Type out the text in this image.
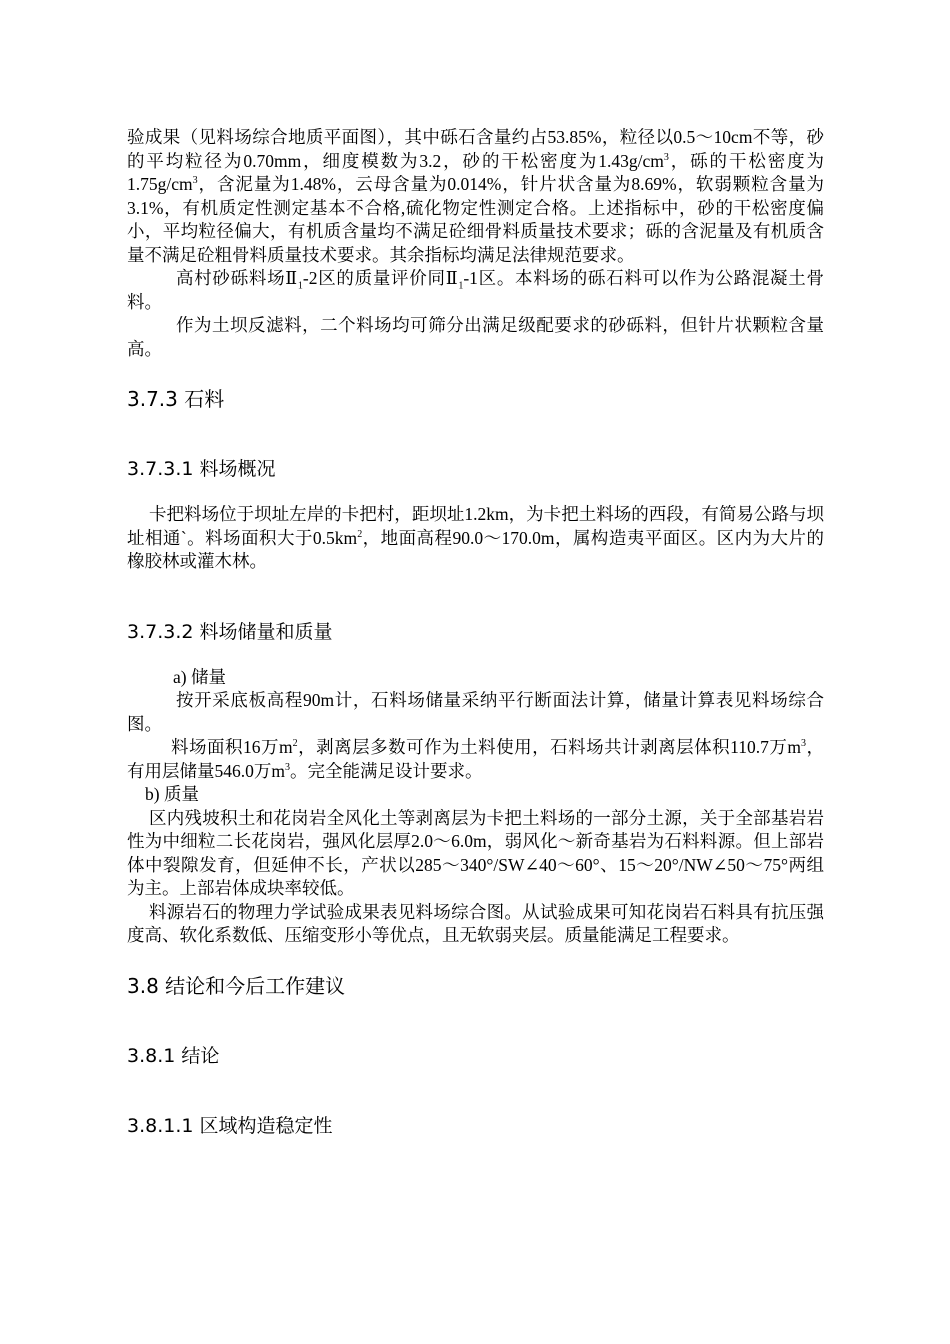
验成果（见料场综合地质平面图），其中砾石含量约占53.85%，粒径以0.5～10cm不等，砂的平均粒径为0.70mm，细度模数为3.2，砂的干松密度为$1.43g/cm^3$，砾的干松密度为$1.75g/cm^3$，含泥量为1.48%，云母含量为0.014%，针片状含量为8.69%，软弱颗粒含量为3.1%，有机质定性测定基本不合格,硫化物定性测定合格。上述指标中，砂的干松密度偏小，平均粒径偏大，有机质含量均不满足砼细骨料质量技术要求；砾的含泥量及有机质含量不满足砼粗骨料质量技术要求。其余指标均满足法律规范要求。

高村砂砾料场$Ⅱ_1-2$区的质量评价同$Ⅱ_1-1$区。本料场的砾石料可以作为公路混凝土骨料。

作为土坝反滤料，二个料场均可筛分出满足级配要求的砂砾料，但针片状颗粒含量高。

3.7.3 石料
3.7.3.1 料场概况

卡把料场位于坝址左岸的卡把村，距坝址1.2km，为卡把土料场的西段，有简易公路与坝址相通`。料场面积大于$0.5km^2$，地面高程90.0～170.0m，属构造夷平面区。区内为大片的橡胶林或灌木林。

3.7.3.2 料场储量和质量

a) 储量

按开采底板高程90m计，石料场储量采纳平行断面法计算，储量计算表见料场综合图。

料场面积16万$m^2$，剥离层多数可作为土料使用，石料场共计剥离层体积110.7万$m^3$，有用层储量546.0万$m^3$。完全能满足设计要求。

b) 质量

区内残坡积土和花岗岩全风化土等剥离层为卡把土料场的一部分土源，关于全部基岩岩性为中细粒二长花岗岩，强风化层厚2.0～6.0m，弱风化～新奇基岩为石料料源。但上部岩体中裂隙发育，但延伸不长，产状以285～340°/SW∠40～60°、15～20°/NW∠50～75°两组为主。上部岩体成块率较低。

料源岩石的物理力学试验成果表见料场综合图。从试验成果可知花岗岩石料具有抗压强度高、软化系数低、压缩变形小等优点，且无软弱夹层。质量能满足工程要求。

3.8 结论和今后工作建议
3.8.1 结论
3.8.1.1 区域构造稳定性
